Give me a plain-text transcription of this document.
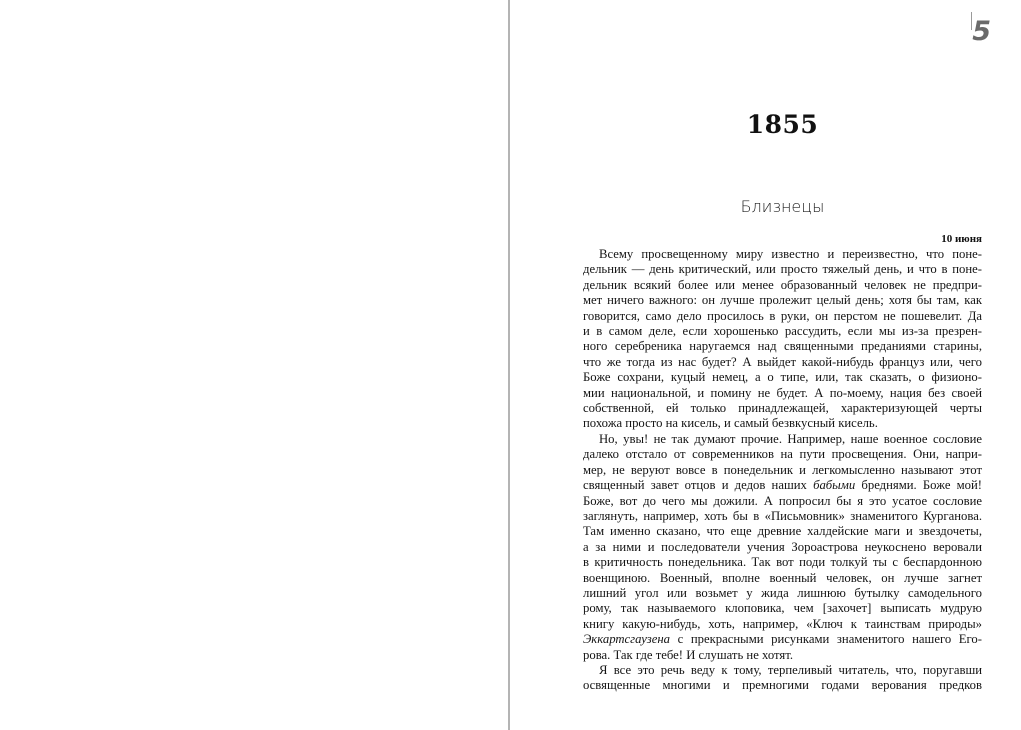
5
1855
Близнецы
10 июня
Всему просвещенному миру известно и переизвестно, что поне-
дельник — день критический, или просто тяжелый день, и что в поне-
дельник всякий более или менее образованный человек не предпри-
мет ничего важного: он лучше пролежит целый день; хотя бы там, как
говорится, само дело просилось в руки, он перстом не пошевелит. Да
и в самом деле, если хорошенько рассудить, если мы из-за презрен-
ного серебреника наругаемся над священными преданиями старины,
что же тогда из нас будет? А выйдет какой-нибудь француз или, чего
Боже сохрани, куцый немец, а о типе, или, так сказать, о физионо-
мии национальной, и помину не будет. А по-моему, нация без своей
собственной, ей только принадлежащей, характеризующей черты
похожа просто на кисель, и самый безвкусный кисель.
Но, увы! не так думают прочие. Например, наше военное сословие
далеко отстало от современников на пути просвещения. Они, напри-
мер, не веруют вовсе в понедельник и легкомысленно называют этот
священный завет отцов и дедов наших бабыми бреднями. Боже мой!
Боже, вот до чего мы дожили. А попросил бы я это усатое сословие
заглянуть, например, хоть бы в «Письмовник» знаменитого Курганова.
Там именно сказано, что еще древние халдейские маги и звездочеты,
а за ними и последователи учения Зороастрова неукоснено веровали
в критичность понедельника. Так вот поди толкуй ты с беспардонною
военщиною. Военный, вполне военный человек, он лучше загнет
лишний угол или возьмет у жида лишнюю бутылку самодельного
рому, так называемого клоповика, чем [захочет] выписать мудрую
книгу какую-нибудь, хоть, например, «Ключ к таинствам природы»
Эккартсгаузена с прекрасными рисунками знаменитого нашего Его-
рова. Так где тебе! И слушать не хотят.
Я все это речь веду к тому, терпеливый читатель, что, поругавши
освященные многими и премногими годами верования предков
